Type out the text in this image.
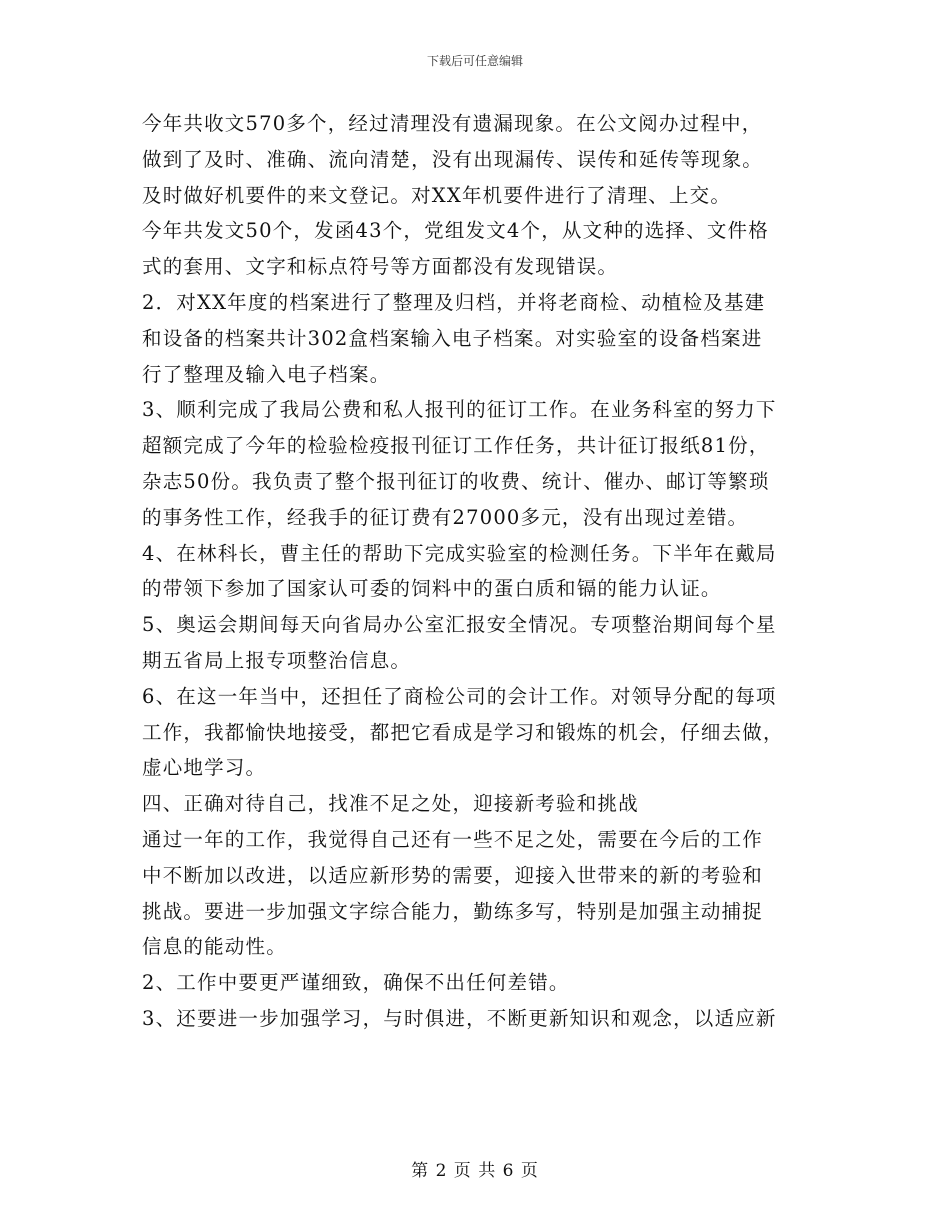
下载后可任意编辑
今年共收文570多个，经过清理没有遗漏现象。在公文阅办过程中，
做到了及时、准确、流向清楚，没有出现漏传、误传和延传等现象。
及时做好机要件的来文登记。对XX年机要件进行了清理、上交。
今年共发文50个，发函43个，党组发文4个，从文种的选择、文件格
式的套用、文字和标点符号等方面都没有发现错误。
2．对XX年度的档案进行了整理及归档，并将老商检、动植检及基建
和设备的档案共计302盒档案输入电子档案。对实验室的设备档案进
行了整理及输入电子档案。
3、顺利完成了我局公费和私人报刊的征订工作。在业务科室的努力下
超额完成了今年的检验检疫报刊征订工作任务，共计征订报纸81份，
杂志50份。我负责了整个报刊征订的收费、统计、催办、邮订等繁琐
的事务性工作，经我手的征订费有27000多元，没有出现过差错。
4、在林科长，曹主任的帮助下完成实验室的检测任务。下半年在戴局
的带领下参加了国家认可委的饲料中的蛋白质和镉的能力认证。
5、奥运会期间每天向省局办公室汇报安全情况。专项整治期间每个星
期五省局上报专项整治信息。
6、在这一年当中，还担任了商检公司的会计工作。对领导分配的每项
工作，我都愉快地接受，都把它看成是学习和锻炼的机会，仔细去做，
虚心地学习。
四、正确对待自己，找准不足之处，迎接新考验和挑战
通过一年的工作，我觉得自己还有一些不足之处，需要在今后的工作
中不断加以改进，以适应新形势的需要，迎接入世带来的新的考验和
挑战。要进一步加强文字综合能力，勤练多写，特别是加强主动捕捉
信息的能动性。
2、工作中要更严谨细致，确保不出任何差错。
3、还要进一步加强学习，与时俱进，不断更新知识和观念，以适应新
第 2 页 共 6 页
